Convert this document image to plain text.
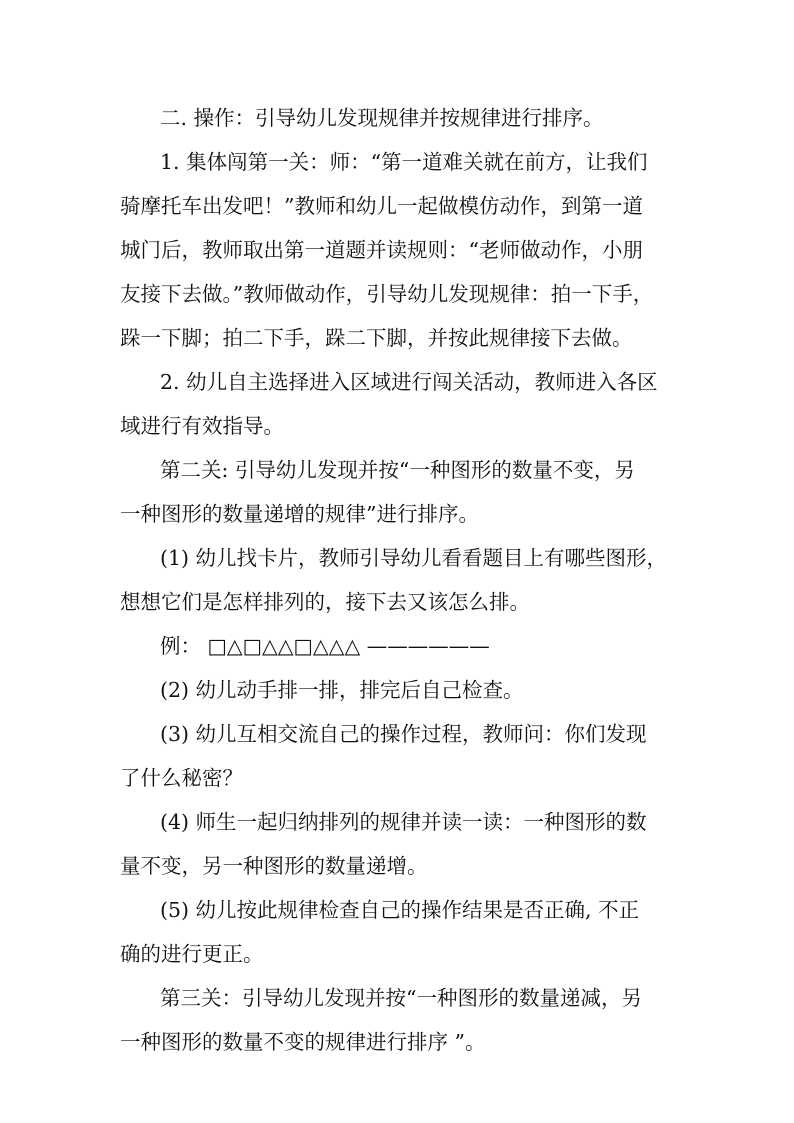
二. 操作：引导幼儿发现规律并按规律进行排序。

1. 集体闯第一关：师：“第一道难关就在前方，让我们

骑摩托车出发吧！”教师和幼儿一起做模仿动作，到第一道

城门后，教师取出第一道题并读规则：“老师做动作，小朋

友接下去做。”教师做动作，引导幼儿发现规律：拍一下手，

跺一下脚；拍二下手，跺二下脚，并按此规律接下去做。

2. 幼儿自主选择进入区域进行闯关活动，教师进入各区

域进行有效指导。

第二关: 引导幼儿发现并按“一种图形的数量不变，另

一种图形的数量递增的规律”进行排序。

(1) 幼儿找卡片，教师引导幼儿看看题目上有哪些图形，

想想它们是怎样排列的，接下去又该怎么排。

例： □△□△△□△△△ ——————

(2) 幼儿动手排一排，排完后自己检查。

(3) 幼儿互相交流自己的操作过程，教师问：你们发现

了什么秘密？

(4) 师生一起归纳排列的规律并读一读：一种图形的数

量不变，另一种图形的数量递增。

(5) 幼儿按此规律检查自己的操作结果是否正确, 不正

确的进行更正。

第三关：引导幼儿发现并按“一种图形的数量递减，另

一种图形的数量不变的规律进行排序 ”。
